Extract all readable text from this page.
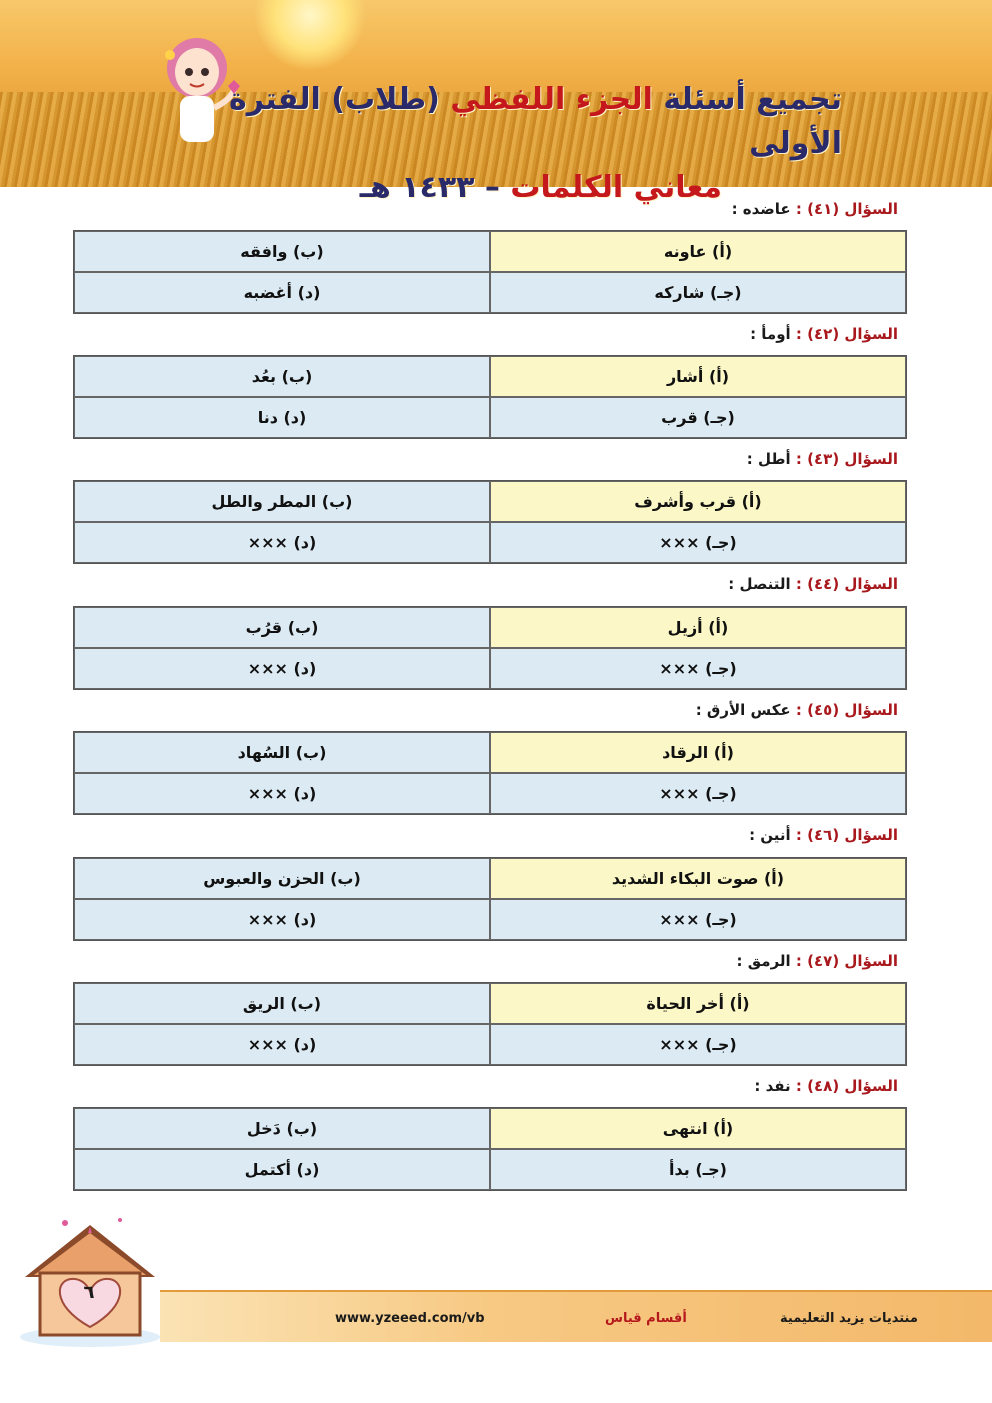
تجميع أسئلة الجزء اللفظي (طلاب) الفترة الأولى
معاني الكلمات – ١٤٣٣ هـ
السؤال (٤١) : عاضده :
(أ) عاونه
(ب) وافقه
(جـ) شاركه
(د) أغضبه
السؤال (٤٢) : أومأ :
(أ) أشار
(ب) بعُد
(جـ) قرب
(د) دنا
السؤال (٤٣) : أطل :
(أ) قرب وأشرف
(ب) المطر والطل
(جـ) ×××
(د) ×××
السؤال (٤٤) : التنصل :
(أ) أزيل
(ب) قرُب
(جـ) ×××
(د) ×××
السؤال (٤٥) : عكس الأرق :
(أ) الرقاد
(ب) السُهاد
(جـ) ×××
(د) ×××
السؤال (٤٦) : أنين :
(أ) صوت البكاء الشديد
(ب) الحزن والعبوس
(جـ) ×××
(د) ×××
السؤال (٤٧) : الرمق :
(أ) أخر الحياة
(ب) الريق
(جـ) ×××
(د) ×××
السؤال (٤٨) : نفد :
(أ) انتهى
(ب) دَخل
(جـ) بدأ
(د) أكتمل
www.yzeeed.com/vb	أقسام قياس	منتديات يزيد التعليمية
٦
